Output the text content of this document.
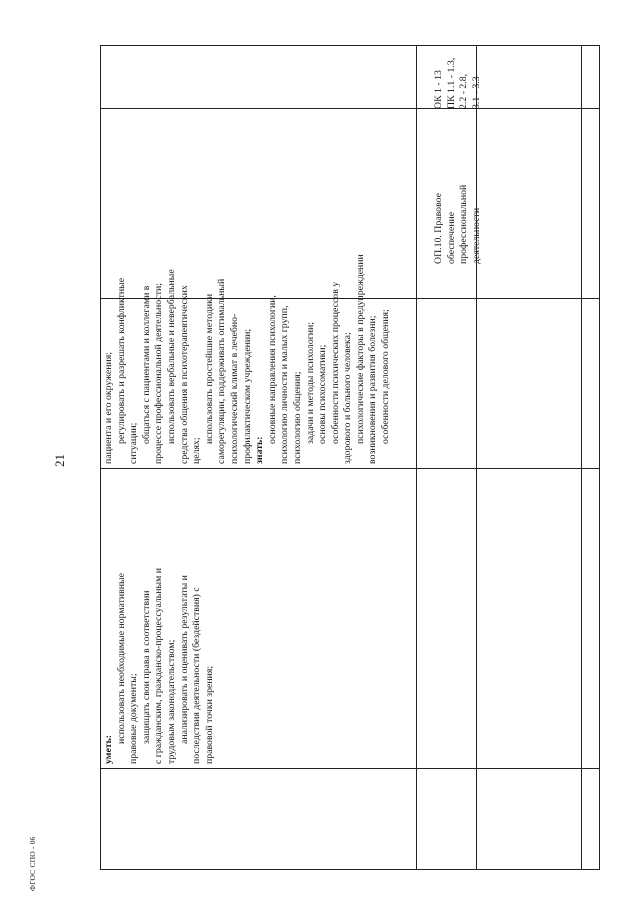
21
ФГОС СПО - 06
пациента и его окружения; регулировать и разрешать конфликтные ситуации; общаться с пациентами и коллегами в процессе профессиональной деятельности; использовать вербальные и невербальные средства общения в психотерапевтических целях;
использовать простейшие методики саморегуляции, поддерживать оптимальный психологический климат в лечебно- профилактическом учреждении; знать:
основные направления психологии, психологию личности и малых групп, психологию общения; задачи и методы психологии; основы психосоматики; особенности психических процессов у здорового и больного человека; психологические факторы в предупреждении возникновения и развития болезни; особенности делового общения;
уметь:
использовать необходимые нормативные правовые документы; защищать свои права в соответствии с гражданским, гражданско-процессуальным и трудовым законодательством; анализировать и оценивать результаты и последствия деятельности (бездействия) с правовой точки зрения;
ОП.10. Правовое обеспечение профессиональной деятельности
ОК 1 - 13 ПК 1.1 - 1.3, 2.2 - 2.8, 3.1 - 3.3
